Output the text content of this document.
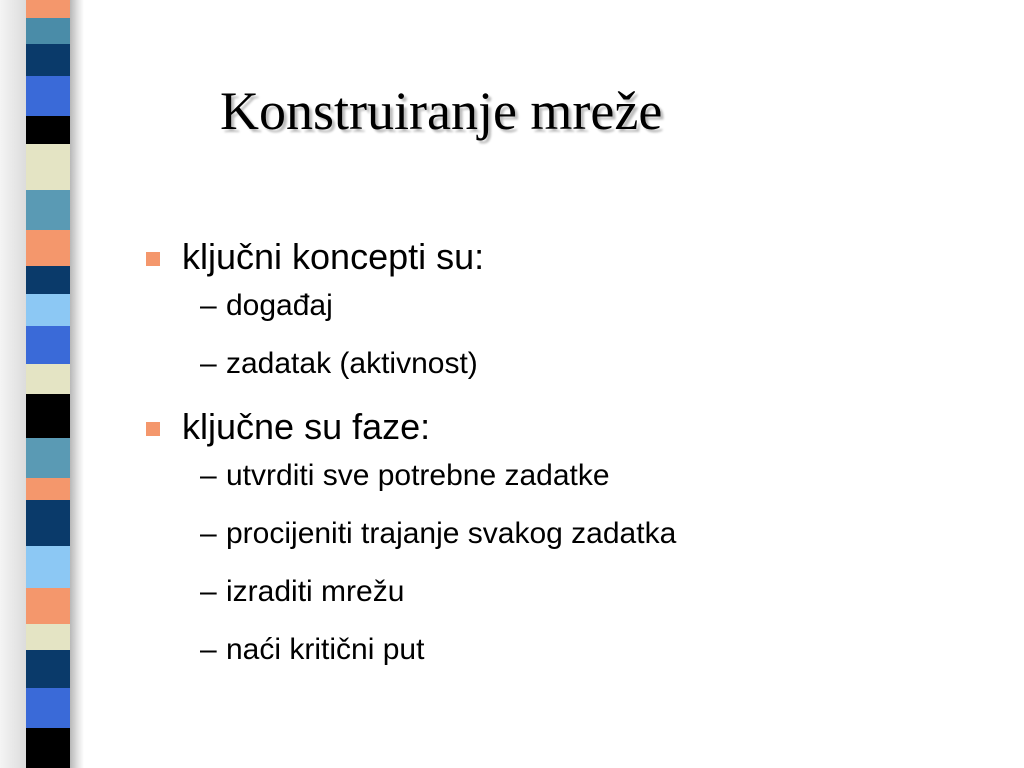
Konstruiranje mreže
ključni koncepti su:
– događaj
– zadatak (aktivnost)
ključne su faze:
– utvrditi sve potrebne zadatke
– procijeniti trajanje svakog zadatka
– izraditi mrežu
– naći kritični put
